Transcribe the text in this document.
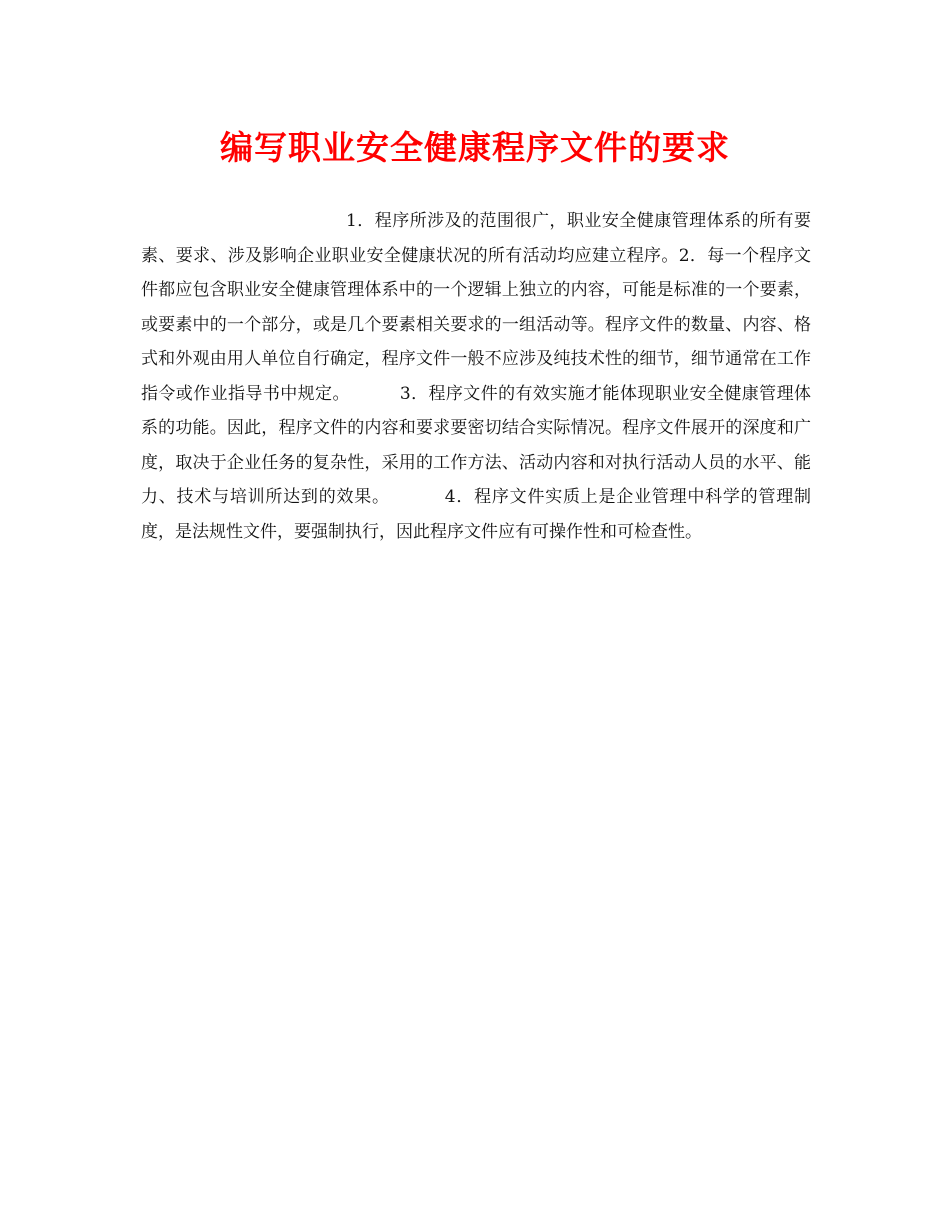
编写职业安全健康程序文件的要求

1．程序所涉及的范围很广，职业安全健康管理体系的所有要素、要求、涉及影响企业职业安全健康状况的所有活动均应建立程序。2．每一个程序文件都应包含职业安全健康管理体系中的一个逻辑上独立的内容，可能是标准的一个要素，或要素中的一个部分，或是几个要素相关要求的一组活动等。程序文件的数量、内容、格式和外观由用人单位自行确定，程序文件一般不应涉及纯技术性的细节，细节通常在工作指令或作业指导书中规定。	3．程序文件的有效实施才能体现职业安全健康管理体系的功能。因此，程序文件的内容和要求要密切结合实际情况。程序文件展开的深度和广度，取决于企业任务的复杂性，采用的工作方法、活动内容和对执行活动人员的水平、能力、技术与培训所达到的效果。	4．程序文件实质上是企业管理中科学的管理制度，是法规性文件，要强制执行，因此程序文件应有可操作性和可检查性。
